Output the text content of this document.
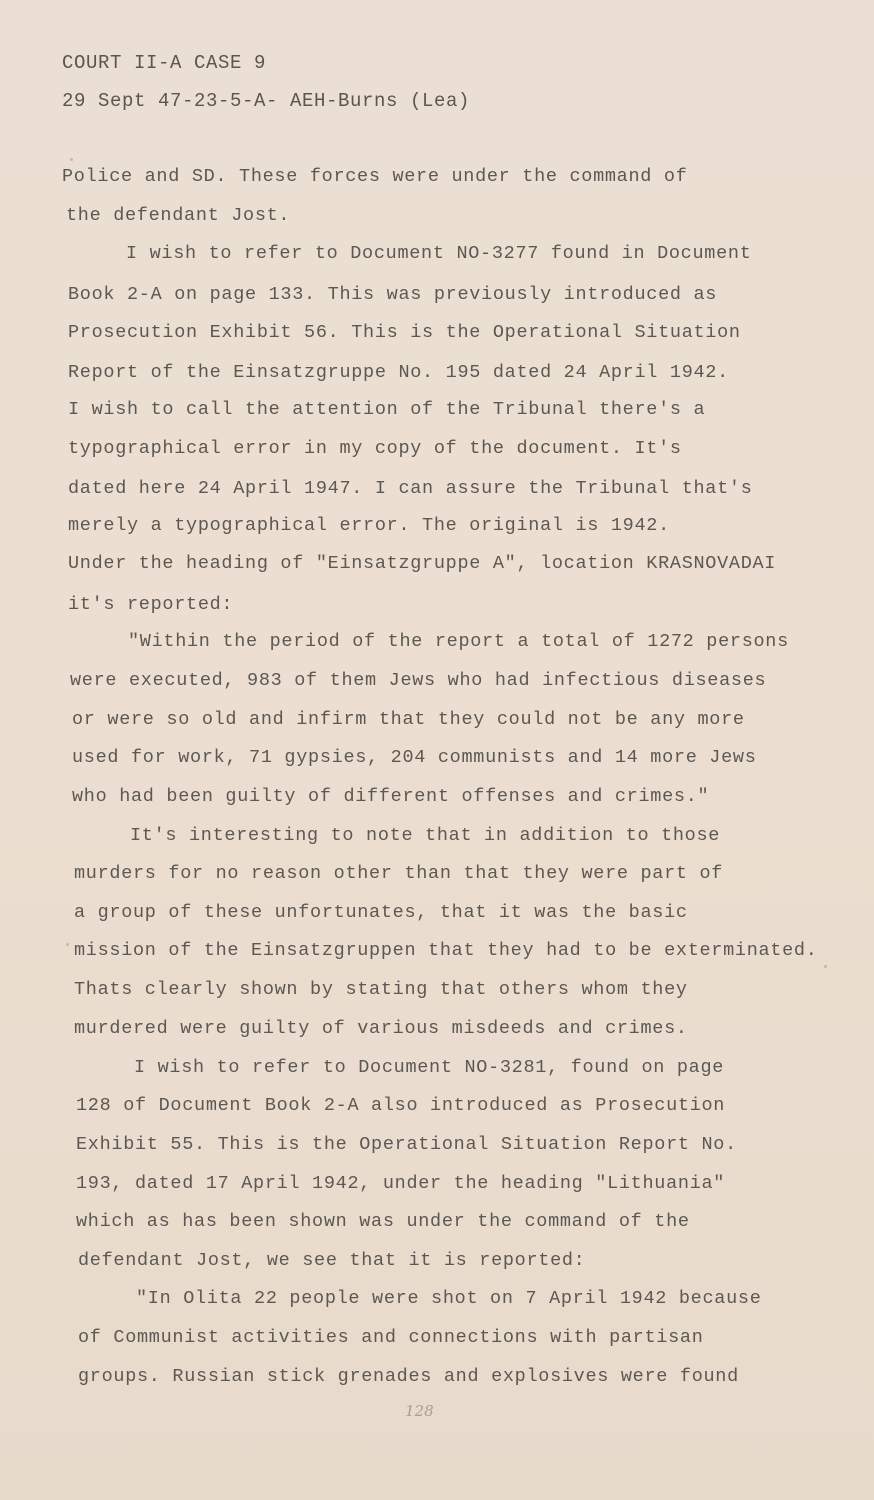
COURT II-A CASE 9
29 Sept 47-23-5-A- AEH-Burns (Lea)
Police and SD. These forces were under the command of
the defendant Jost.
I wish to refer to Document NO-3277 found in Document
Book 2-A on page 133. This was previously introduced as
Prosecution Exhibit 56. This is the Operational Situation
Report of the Einsatzgruppe No. 195 dated 24 April 1942.
I wish to call the attention of the Tribunal there's a
typographical error in my copy of the document. It's
dated here 24 April 1947. I can assure the Tribunal that's
merely a typographical error. The original is 1942.
Under the heading of "Einsatzgruppe A", location KRASNOVADAI
it's reported:
"Within the period of the report a total of 1272 persons
were executed, 983 of them Jews who had infectious diseases
or were so old and infirm that they could not be any more
used for work, 71 gypsies, 204 communists and 14 more Jews
who had been guilty of different offenses and crimes."
It's interesting to note that in addition to those
murders for no reason other than that they were part of
a group of these unfortunates, that it was the basic
mission of the Einsatzgruppen that they had to be exterminated.
Thats clearly shown by stating that others whom they
murdered were guilty of various misdeeds and crimes.
I wish to refer to Document NO-3281, found on page
128 of Document Book 2-A also introduced as Prosecution
Exhibit 55. This is the Operational Situation Report No.
193, dated 17 April 1942, under the heading "Lithuania"
which as has been shown was under the command of the
defendant Jost, we see that it is reported:
"In Olita 22 people were shot on 7 April 1942 because
of Communist activities and connections with partisan
groups. Russian stick grenades and explosives were found
128
